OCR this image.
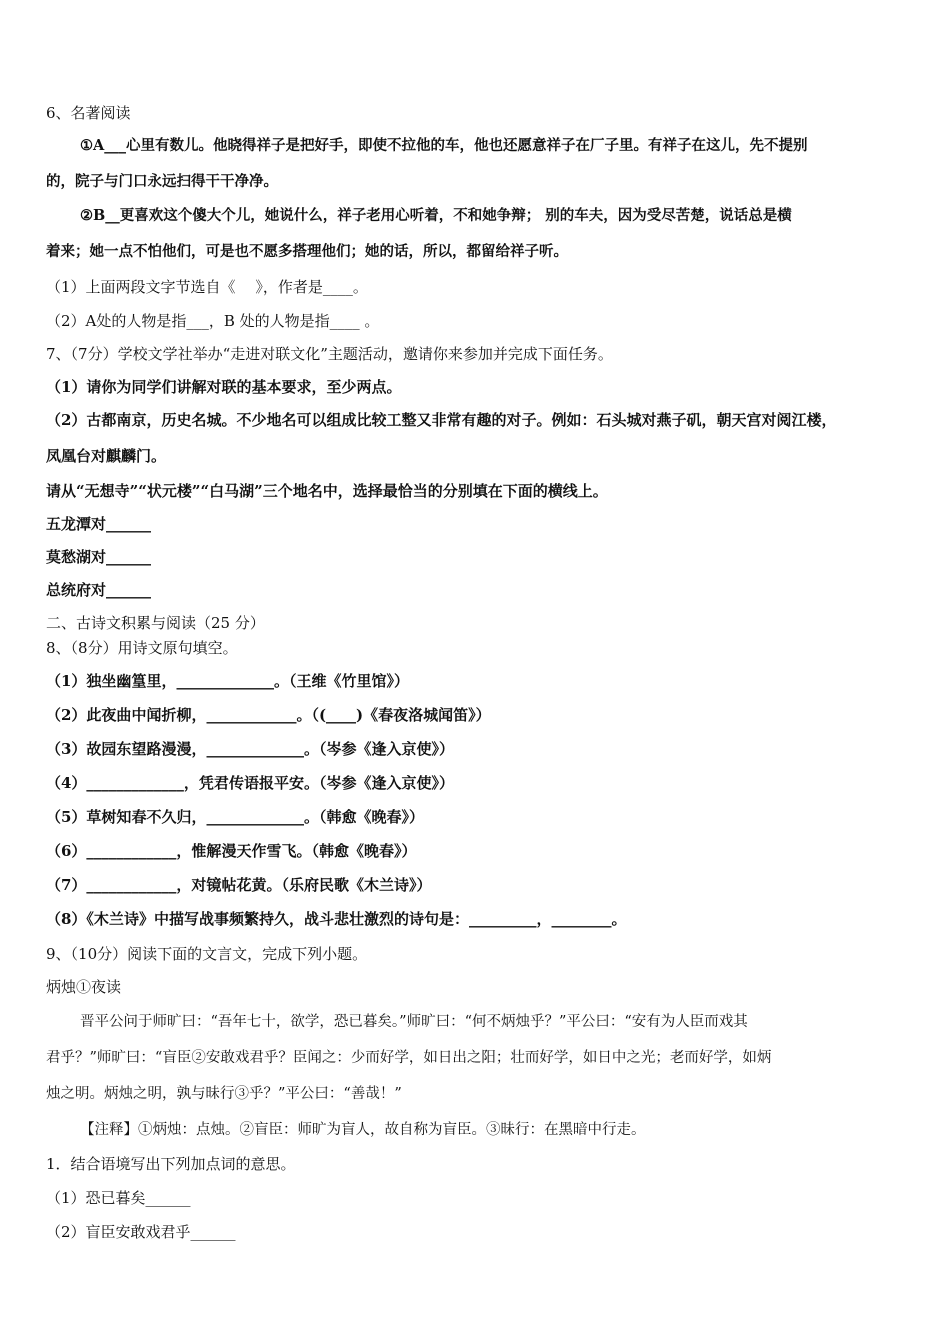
6、名著阅读
①A___心里有数儿。他晓得祥子是把好手，即使不拉他的车，他也还愿意祥子在厂子里。有祥子在这儿，先不提别
的，院子与门口永远扫得干干净净。
②B__更喜欢这个傻大个儿，她说什么，祥子老用心听着，不和她争辩； 别的车夫，因为受尽苦楚，说话总是横
着来；她一点不怕他们，可是也不愿多搭理他们；她的话，所以，都留给祥子听。
（1）上面两段文字节选自《　 》，作者是____。
（2）A处的人物是指___，B 处的人物是指____ 。
7、（7分）学校文学社举办“走进对联文化”主题活动，邀请你来参加并完成下面任务。
（1）请你为同学们讲解对联的基本要求，至少两点。
（2）古都南京，历史名城。不少地名可以组成比较工整又非常有趣的对子。例如：石头城对燕子矶，朝天宫对阅江楼，
凤凰台对麒麟门。
请从“无想寺”“状元楼”“白马湖”三个地名中，选择最恰当的分别填在下面的横线上。
五龙潭对______
莫愁湖对______
总统府对______
二、古诗文积累与阅读（25 分）
8、（8分）用诗文原句填空。
（1）独坐幽篁里，_____________。（王维《竹里馆》）
（2）此夜曲中闻折柳，____________。（(____)《春夜洛城闻笛》）
（3）故园东望路漫漫，_____________。（岑参《逢入京使》）
（4）_____________，凭君传语报平安。（岑参《逢入京使》）
（5）草树知春不久归，_____________。（韩愈《晚春》）
（6）____________，惟解漫天作雪飞。（韩愈《晚春》）
（7）____________，对镜帖花黄。（乐府民歌《木兰诗》）
（8）《木兰诗》中描写战事频繁持久，战斗悲壮激烈的诗句是：_________，________。
9、（10分）阅读下面的文言文，完成下列小题。
炳烛①夜读
晋平公问于师旷曰：“吾年七十，欲学，恐已暮矣。”师旷曰：“何不炳烛乎？”平公曰：“安有为人臣而戏其
君乎？”师旷曰：“盲臣②安敢戏君乎？臣闻之：少而好学，如日出之阳；壮而好学，如日中之光；老而好学，如炳
烛之明。炳烛之明，孰与昧行③乎？”平公曰：“善哉！”
【注释】①炳烛：点烛。②盲臣：师旷为盲人，故自称为盲臣。③昧行：在黑暗中行走。
1．结合语境写出下列加点词的意思。
（1）恐已暮矣______
（2）盲臣安敢戏君乎______
